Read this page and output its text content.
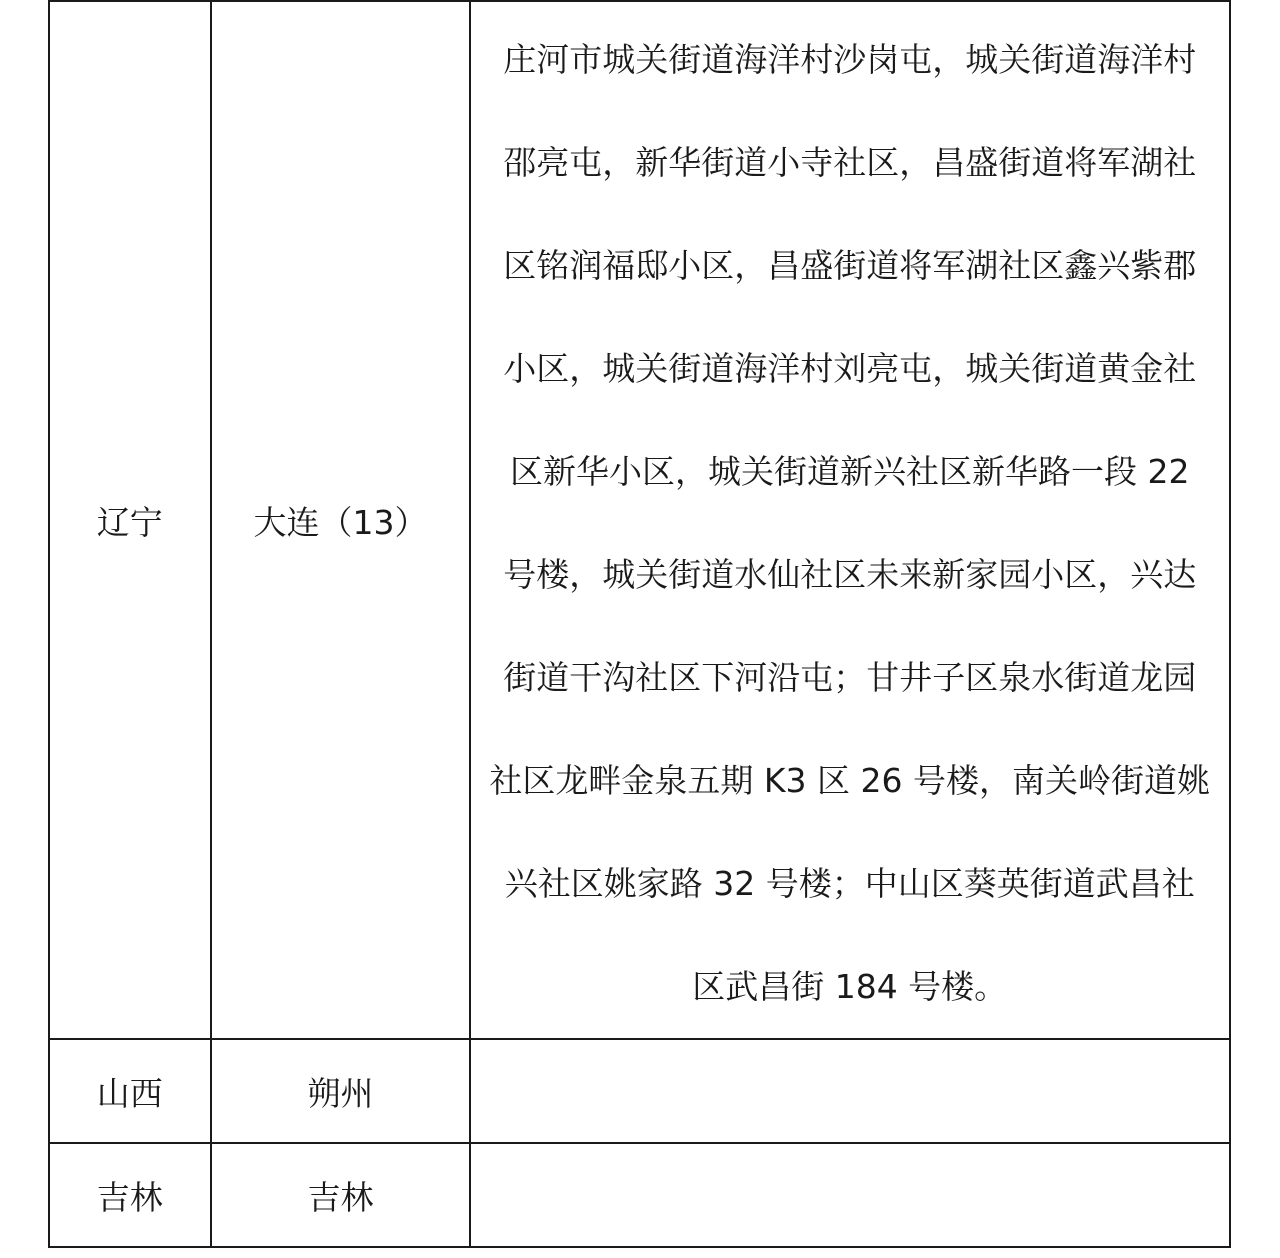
辽宁	大连（13）	庄河市城关街道海洋村沙岗屯，城关街道海洋村邵亮屯，新华街道小寺社区，昌盛街道将军湖社区铭润福邸小区，昌盛街道将军湖社区鑫兴紫郡小区，城关街道海洋村刘亮屯，城关街道黄金社区新华小区，城关街道新兴社区新华路一段 22 号楼，城关街道水仙社区未来新家园小区，兴达街道干沟社区下河沿屯；甘井子区泉水街道龙园社区龙畔金泉五期 K3 区 26 号楼，南关岭街道姚兴社区姚家路 32 号楼；中山区葵英街道武昌社区武昌街 184 号楼。

山西	朔州	
吉林	吉林	
